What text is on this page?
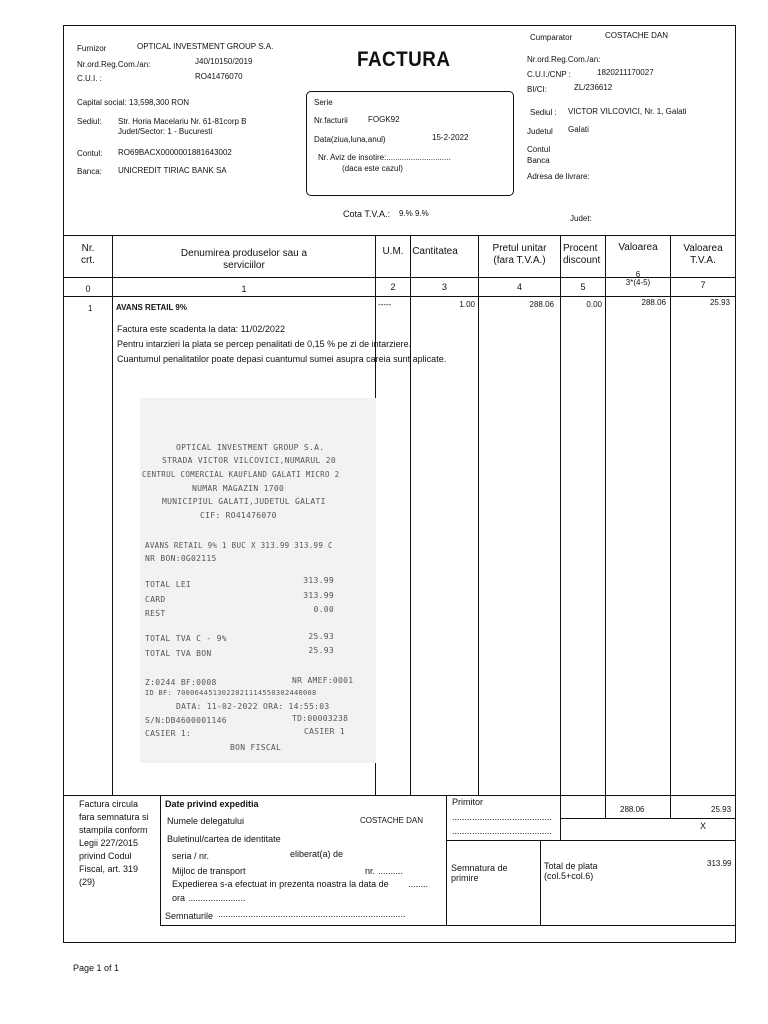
Furnizor	OPTICAL INVESTMENT GROUP S.A.
Nr.ord.Reg.Com./an:	J40/10150/2019
C.U.I. :	RO41476070
Capital social: 13,598,300 RON
Sediul: Str. Horia Macelariu Nr. 61-81corp B
Judet/Sector: 1 - Bucuresti
Contul: RO69BACX0000001881643002
Banca: UNICREDIT TIRIAC BANK SA
FACTURA
Serie
Nr.facturii	FOGK92
Data(ziua,luna,anul)	15-2-2022
Nr. Aviz de insotire:.............................
(daca este cazul)
Cumparator	COSTACHE DAN
Nr.ord.Reg.Com./an:
C.U.I./CNP :	1820211170027
BI/CI:	ZL/236612
Sediul : VICTOR VILCOVICI, Nr. 1, Galati
Judetul Galati
Contul
Banca
Adresa de livrare:
Cota T.V.A.: 9.% 9.%
Judet:
Nr.
crt.
Denumirea produselor sau a
serviciilor
U.M. Cantitatea	Pretul unitar
(fara T.V.A.)
Procent
discount
Valoarea	Valoarea
T.V.A.
0	1	2	3	4	5
6
3*(4-5)	7
1	AVANS RETAIL 9%	-----	1.00	288.06	0.00	288.06	25.93
Factura este scadenta la data: 11/02/2022
Pentru intarzieri la plata se percep penalitati de 0,15 % pe zi de intarziere.
Cuantumul penalitatilor poate depasi cuantumul sumei asupra careia sunt aplicate.
OPTICAL INVESTMENT GROUP S.A.
STRADA VICTOR VILCOVICI,NUMARUL 20
CENTRUL COMERCIAL KAUFLAND GALATI MICRO 2
NUMAR MAGAZIN 1700
MUNICIPIUL GALATI,JUDETUL GALATI
CIF: RO41476070
AVANS RETAIL 9% 1 BUC X 313.99 313.99 C
NR BON:0G02115
TOTAL LEI	313.99
CARD	313.99
REST	0.00
TOTAL TVA C - 9%	25.93
TOTAL TVA BON	25.93
Z:0244 BF:0008	NR AMEF:0001
ID BF: 7000644513022021114550302440008
DATA: 11-02-2022 ORA: 14:55:03
S/N:DB4600001146	TD:00003238
CASIER 1:	CASIER 1
BON FISCAL
Factura circula
fara semnatura si
stampila conform
Legii 227/2015
privind Codul
Fiscal, art. 319
(29)
Date privind expeditia
Numele delegatului	COSTACHE DAN
Buletinul/cartea de identitate
seria / nr.	eliberat(a) de
Mijloc de transport	nr. ..........
Expedierea s-a efectuat in prezenta noastra la data de ........
ora .......................
Semnaturile ...........................................................................
Primitor
........................................
........................................
Semnatura de
primire
288.06	25.93
X
Total de plata
(col.5+col.6)
313.99
Page 1 of 1
